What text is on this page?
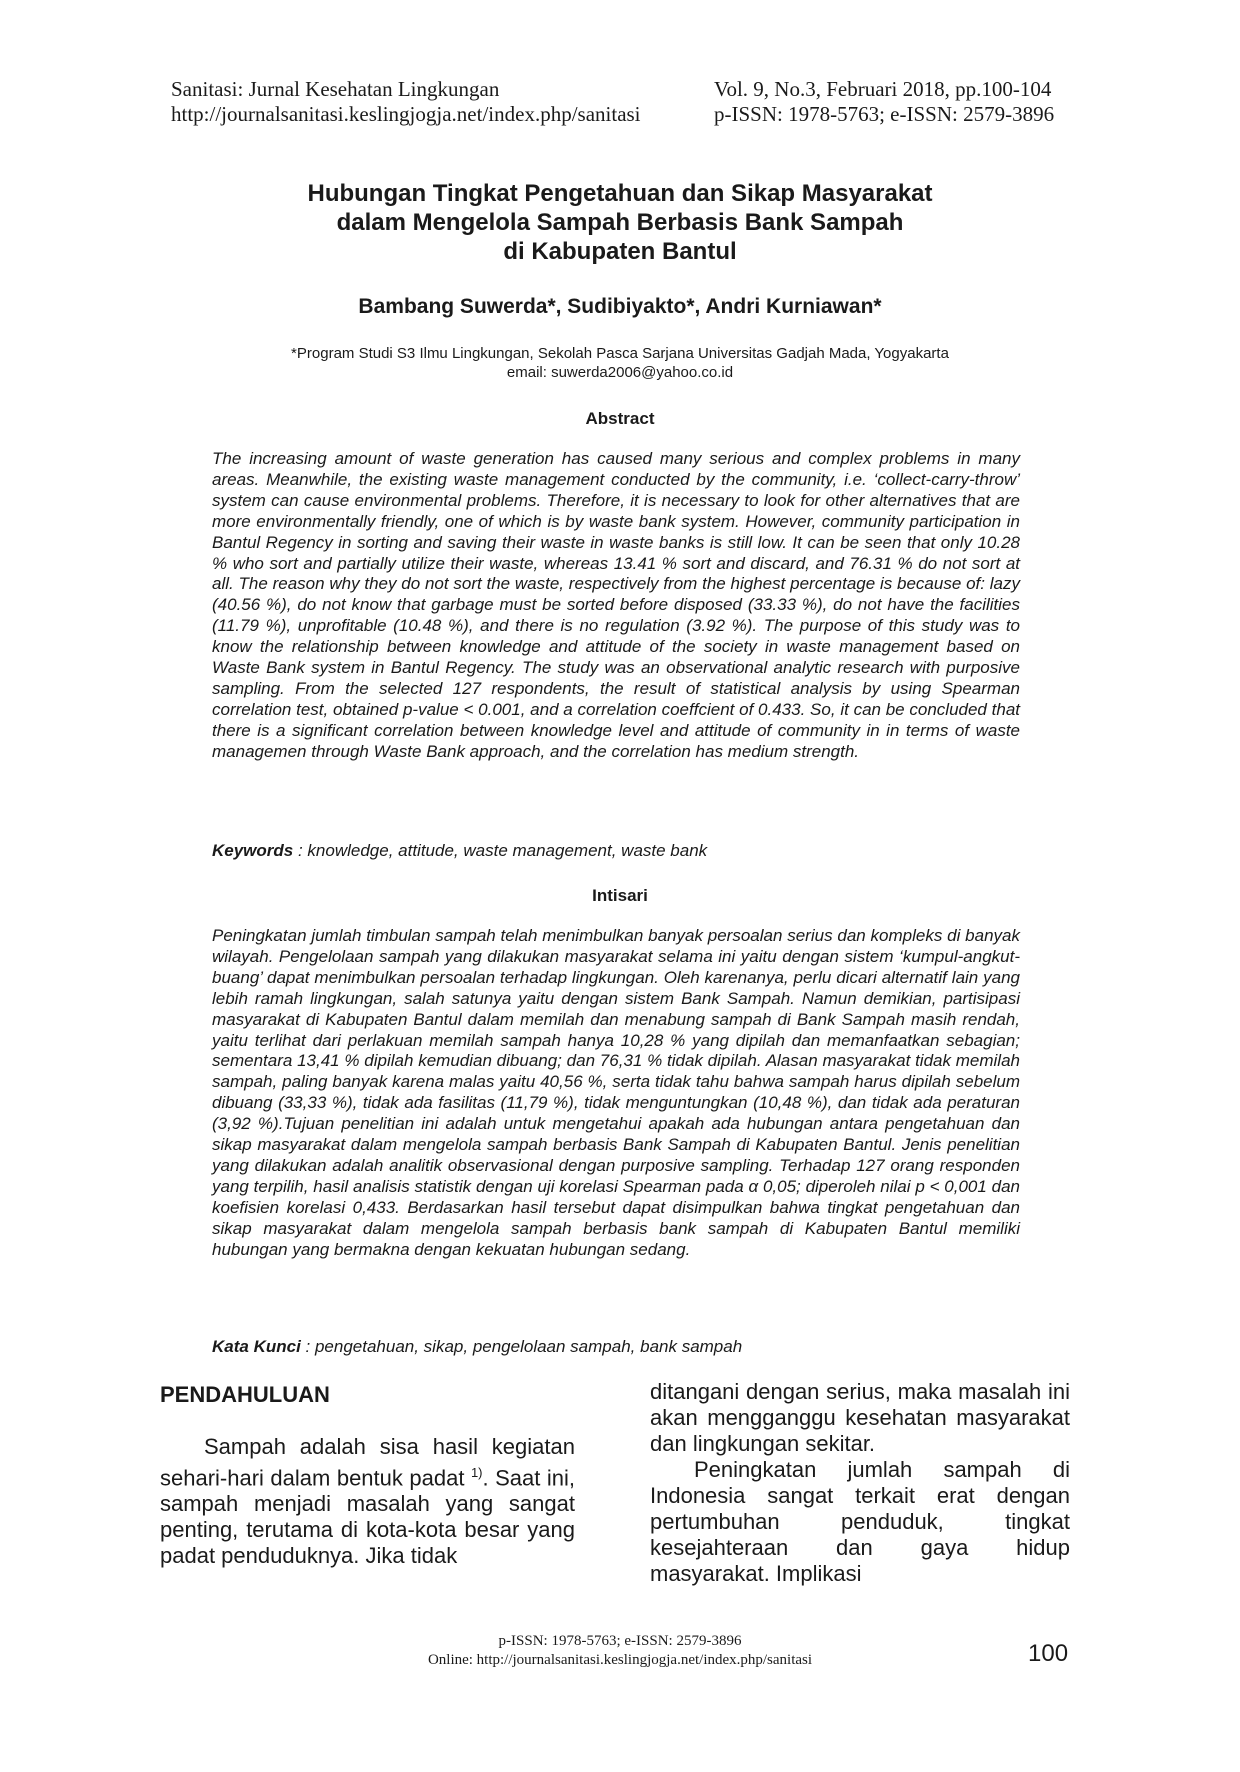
Sanitasi: Jurnal Kesehatan Lingkungan
http://journalsanitasi.keslingjogja.net/index.php/sanitasi
Vol. 9, No.3, Februari 2018, pp.100-104
p-ISSN: 1978-5763; e-ISSN: 2579-3896
Hubungan Tingkat Pengetahuan dan Sikap Masyarakat
dalam Mengelola Sampah Berbasis Bank Sampah
di Kabupaten Bantul
Bambang Suwerda*, Sudibiyakto*, Andri Kurniawan*
*Program Studi S3 Ilmu Lingkungan, Sekolah Pasca Sarjana Universitas Gadjah Mada, Yogyakarta
email: suwerda2006@yahoo.co.id
Abstract

The increasing amount of waste generation has caused many serious and complex problems in many areas. Meanwhile, the existing waste management conducted by the community, i.e. ‘collect-carry-throw’ system can cause environmental problems. Therefore, it is necessary to look for other alternatives that are more environmentally friendly, one of which is by waste bank system. However, community participation in Bantul Regency in sorting and saving their waste in waste banks is still low. It can be seen that only 10.28 % who sort and partially utilize their waste, whereas 13.41 % sort and discard, and 76.31 % do not sort at all. The reason why they do not sort the waste, respectively from the highest percentage is because of: lazy (40.56 %), do not know that garbage must be sorted before disposed (33.33 %), do not have the facilities (11.79 %), unprofitable (10.48 %), and there is no regulation (3.92 %). The purpose of this study was to know the relationship between knowledge and attitude of the society in waste management based on Waste Bank system in Bantul Regency. The study was an observational analytic research with purposive sampling. From the selected 127 respondents, the result of statistical analysis by using Spearman correlation test, obtained p-value < 0.001, and a correlation coeffcient of 0.433. So, it can be concluded that there is a significant correlation between knowledge level and attitude of community in in terms of waste managemen through Waste Bank approach, and the correlation has medium strength.

Keywords : knowledge, attitude, waste management, waste bank
Intisari

Peningkatan jumlah timbulan sampah telah menimbulkan banyak persoalan serius dan kompleks di banyak wilayah. Pengelolaan sampah yang dilakukan masyarakat selama ini yaitu dengan sistem ‘kumpul-angkut-buang’ dapat menimbulkan persoalan terhadap lingkungan. Oleh karenanya, perlu dicari alternatif lain yang lebih ramah lingkungan, salah satunya yaitu dengan sistem Bank Sampah. Namun demikian, partisipasi masyarakat di Kabupaten Bantul dalam memilah dan menabung sampah di Bank Sampah masih rendah, yaitu terlihat dari perlakuan memilah sampah hanya 10,28 % yang dipilah dan memanfaatkan sebagian; sementara 13,41 % dipilah kemudian dibuang; dan 76,31 % tidak dipilah. Alasan masyarakat tidak memilah sampah, paling banyak karena malas yaitu 40,56 %, serta tidak tahu bahwa sampah harus dipilah sebelum dibuang (33,33 %), tidak ada fasilitas (11,79 %), tidak menguntungkan (10,48 %), dan tidak ada peraturan (3,92 %).Tujuan penelitian ini adalah untuk mengetahui apakah ada hubungan antara pengetahuan dan sikap masyarakat dalam mengelola sampah berbasis Bank Sampah di Kabupaten Bantul. Jenis penelitian yang dilakukan adalah analitik observasional dengan purposive sampling. Terhadap 127 orang responden yang terpilih, hasil analisis statistik dengan uji korelasi Spearman pada α 0,05; diperoleh nilai p < 0,001 dan koefisien korelasi 0,433. Berdasarkan hasil tersebut dapat disimpulkan bahwa tingkat pengetahuan dan sikap masyarakat dalam mengelola sampah berbasis bank sampah di Kabupaten Bantul memiliki hubungan yang bermakna dengan kekuatan hubungan sedang.

Kata Kunci : pengetahuan, sikap, pengelolaan sampah, bank sampah
PENDAHULUAN

Sampah adalah sisa hasil kegiatan sehari-hari dalam bentuk padat $^{1)}$. Saat ini, sampah menjadi masalah yang sangat penting, terutama di kota-kota besar yang padat penduduknya. Jika tidak

ditangani dengan serius, maka masalah ini akan mengganggu kesehatan masyarakat dan lingkungan sekitar.

Peningkatan jumlah sampah di Indonesia sangat terkait erat dengan pertumbuhan penduduk, tingkat kesejahteraan dan gaya hidup masyarakat. Implikasi

p-ISSN: 1978-5763; e-ISSN: 2579-3896
Online: http://journalsanitasi.keslingjogja.net/index.php/sanitasi	100
